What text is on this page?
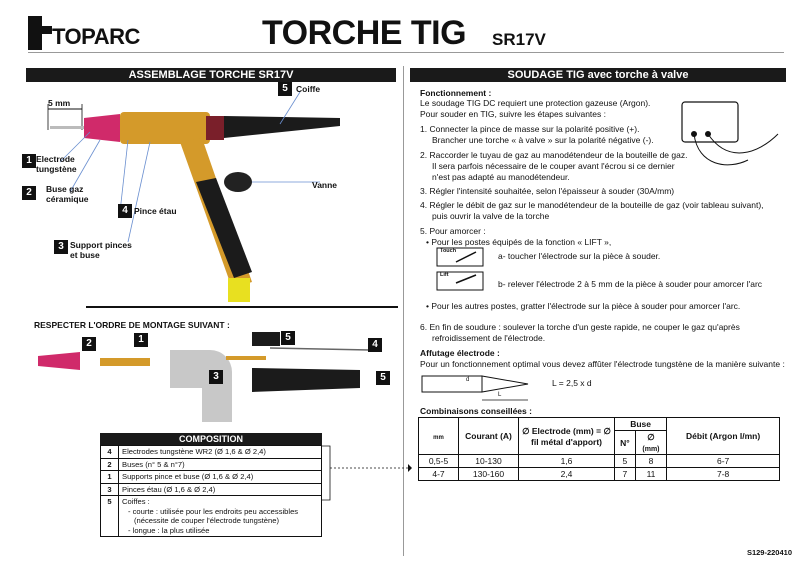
TOPARC	TORCHE TIG SR17V
ASSEMBLAGE TORCHE SR17V	SOUDAGE TIG avec torche à valve
5 mm
1 Electrode tungstène
2	Buse gaz céramique
4 Pince étau
3 Support pinces et buse
5 Coiffe
Vanne
RESPECTER L'ORDRE DE MONTAGE SUIVANT :
2	1	5
4
3	5
COMPOSITION
4	Electrodes tungstène WR2 (Ø 1,6 & Ø 2,4)
2	Buses (n° 5 & n°7)
1	Supports pince et buse (Ø 1,6 & Ø 2,4)
3	Pinces étau (Ø 1,6 & Ø 2,4)
5	Coiffes :
- courte : utilisée pour les endroits peu accessibles
(nécessite de couper l'électrode tungstène)
- longue : la plus utilisée
Fonctionnement :
Le soudage TIG DC requiert une protection gazeuse (Argon).
Pour souder en TIG, suivre les étapes suivantes :
1. Connecter la pince de masse sur la polarité positive (+).
Brancher une torche « à valve » sur la polarité négative (-).
2. Raccorder le tuyau de gaz au manodétendeur de la bouteille de gaz.
Il sera parfois nécessaire de le couper avant l'écrou si ce dernier
n'est pas adapté au manodétendeur.
3. Régler l'intensité souhaitée, selon l'épaisseur à souder (30A/mm)
4. Régler le débit de gaz sur le manodétendeur de la bouteille de gaz (voir tableau suivant),
puis ouvrir la valve de la torche
5. Pour amorcer :
• Pour les postes équipés de la fonction « LIFT »,
Touch
Lift
a- toucher l'électrode sur la pièce à souder.
b- relever l'électrode 2 à 5 mm de la pièce à souder pour amorcer l'arc
• Pour les autres postes, gratter l'électrode sur la pièce à souder pour amorcer l'arc.
6. En fin de soudure : soulever la torche d'un geste rapide, ne couper le gaz qu'après
refroidissement de l'électrode.
Affutage électrode :
Pour un fonctionnement optimal vous devez affûter l'électrode tungstène de la manière suivante :
d
L
L = 2,5 x d
Combinaisons conseillées :
mm	Courant (A)	∅ Electrode (mm) = ∅ fil métal d'apport)	Buse		Débit (Argon l/mn)
			N°	∅
(mm)	
0,5-5	10-130	1,6	5	8	6-7
4-7	130-160	2,4	7	11	7-8
S129-220410
